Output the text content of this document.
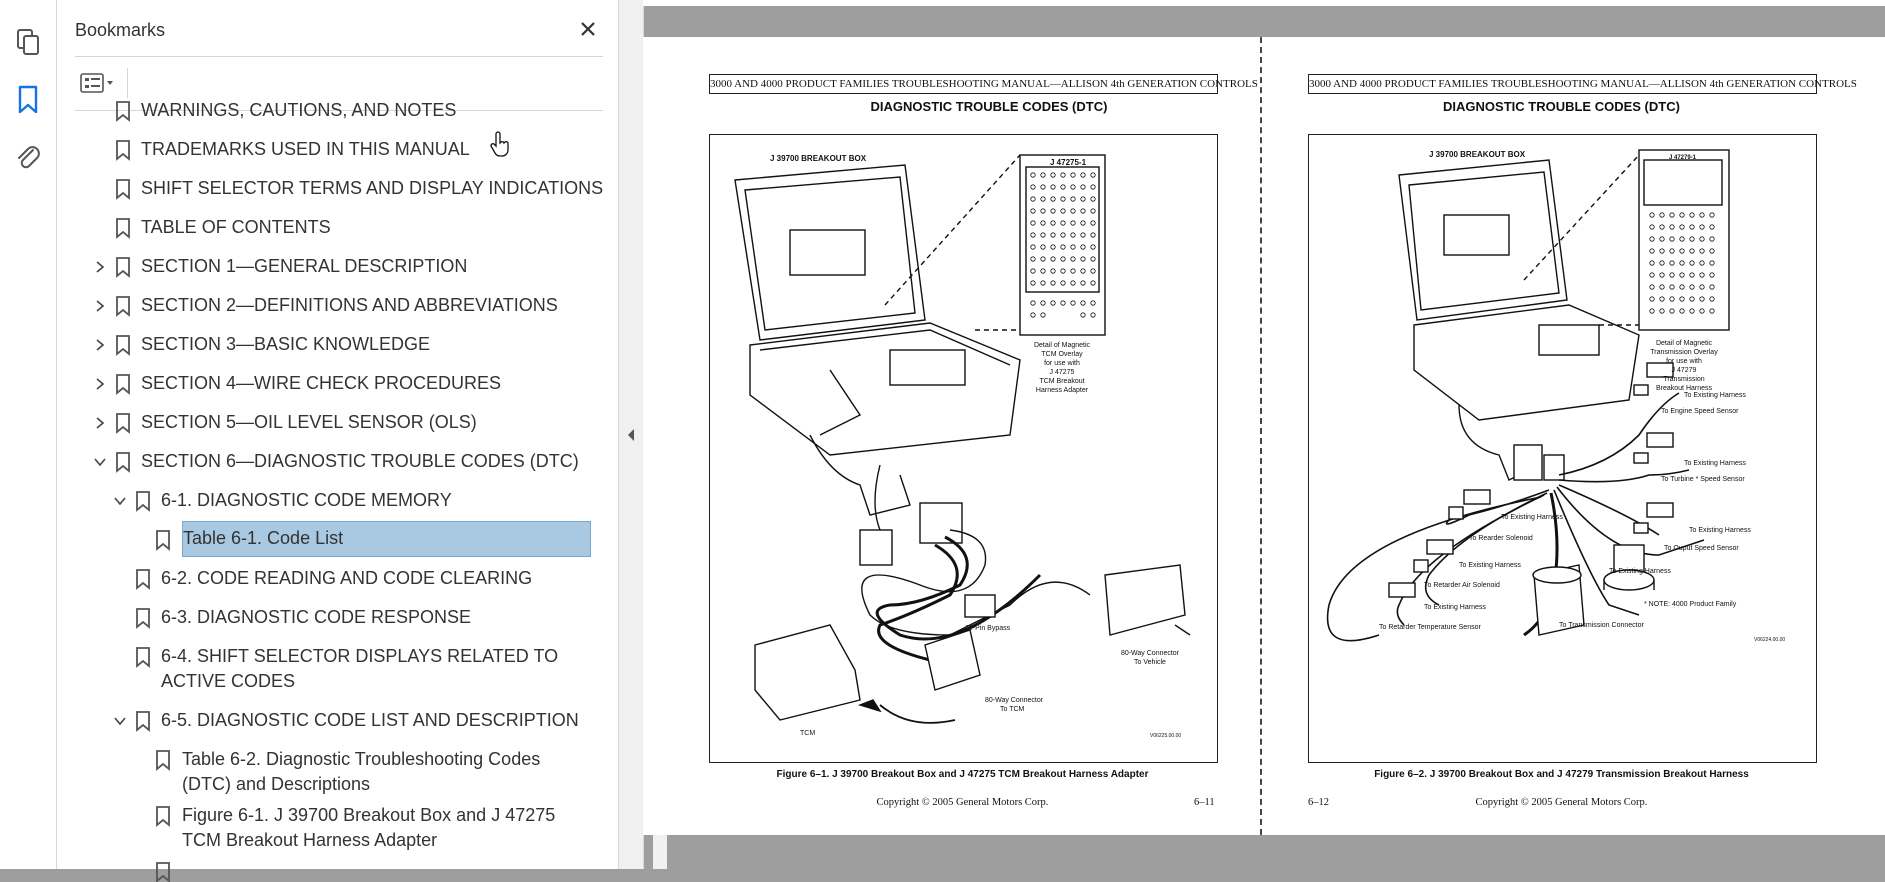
Bookmarks
WARNINGS, CAUTIONS, AND NOTES
TRADEMARKS USED IN THIS MANUAL
SHIFT SELECTOR TERMS AND DISPLAY INDICATIONS
TABLE OF CONTENTS
SECTION 1—GENERAL DESCRIPTION
SECTION 2—DEFINITIONS AND ABBREVIATIONS
SECTION 3—BASIC KNOWLEDGE
SECTION 4—WIRE CHECK PROCEDURES
SECTION 5—OIL LEVEL SENSOR (OLS)
SECTION 6—DIAGNOSTIC TROUBLE CODES (DTC)
6-1. DIAGNOSTIC CODE MEMORY
Table 6-1. Code List
6-2. CODE READING AND CODE CLEARING
6-3. DIAGNOSTIC CODE RESPONSE
6-4. SHIFT SELECTOR DISPLAYS RELATED TO ACTIVE CODES
6-5. DIAGNOSTIC CODE LIST AND DESCRIPTION
Table 6-2. Diagnostic Troubleshooting Codes (DTC) and Descriptions
Figure 6-1. J 39700 Breakout Box and J 47275 TCM Breakout Harness Adapter
3000 AND 4000 PRODUCT FAMILIES TROUBLESHOOTING MANUAL—ALLISON 4th GENERATION CONTROLS
DIAGNOSTIC TROUBLE CODES (DTC)
J 39700 BREAKOUT BOX	J 47275-1
Detail of Magnetic
TCM Overlay
for use with
J 47275
TCM Breakout
Harness Adapter
16-Pin Bypass
80-Way Connector
To Vehicle
80-Way Connector
To TCM
TCM	V06225.00.00
Figure 6–1. J 39700 Breakout Box and J 47275 TCM Breakout Harness Adapter
Copyright © 2005 General Motors Corp.	6–11
3000 AND 4000 PRODUCT FAMILIES TROUBLESHOOTING MANUAL—ALLISON 4th GENERATION CONTROLS
DIAGNOSTIC TROUBLE CODES (DTC)
J 39700 BREAKOUT BOX	J 47279-1
Detail of Magnetic
Transmission Overlay
for use with
J 47279
Transmission
Breakout Harness
To Existing Harness
To Engine Speed Sensor
To Existing Harness
To Turbine * Speed Sensor
To Existing Harness
To Ouput Speed Sensor
To Existing Harness
To Rearder Solenoid
To Existing Harness
To Retarder Air Solenoid
To Existing Harness
To Retarder Temperature Sensor	To Transmission Connector
To Existing Harness
* NOTE: 4000 Product Family
V06224.00.00
Figure 6–2. J 39700 Breakout Box and J 47279 Transmission Breakout Harness
6–12	Copyright © 2005 General Motors Corp.
